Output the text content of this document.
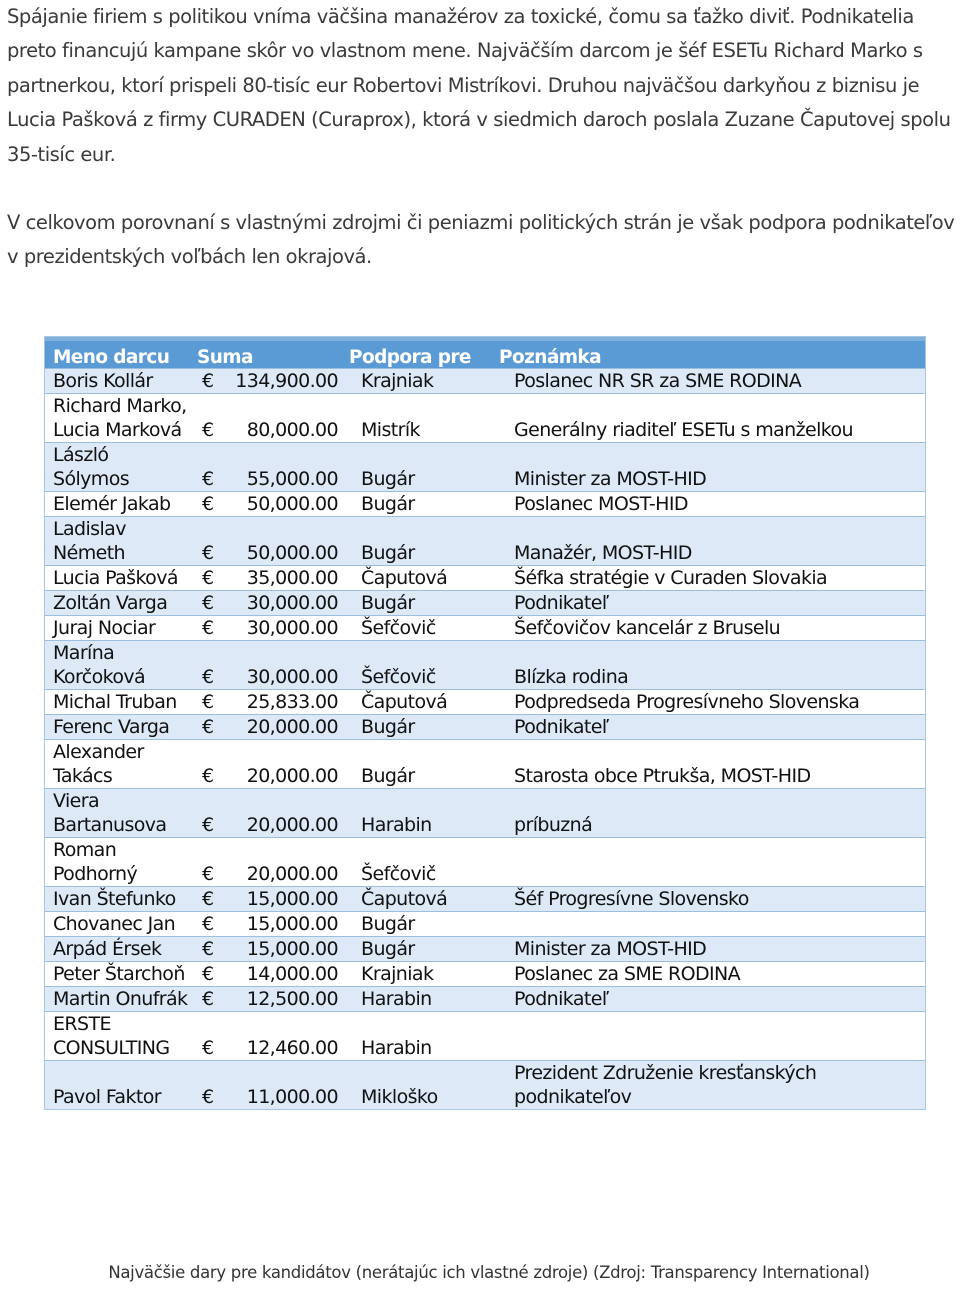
Spájanie firiem s politikou vníma väčšina manažérov za toxické, čomu sa ťažko diviť. Podnikatelia preto financujú kampane skôr vo vlastnom mene. Najväčším darcom je šéf ESETu Richard Marko s partnerkou, ktorí prispeli 80-tisíc eur Robertovi Mistríkovi. Druhou najväčšou darkyňou z biznisu je Lucia Pašková z firmy CURADEN (Curaprox), ktorá v siedmich daroch poslala Zuzane Čaputovej spolu 35-tisíc eur.

V celkovom porovnaní s vlastnými zdrojmi či peniazmi politických strán je však podpora podnikateľov v prezidentských voľbách len okrajová.

Meno darcu	Suma		Podpora pre	Poznámka
Boris Kollár	€	134,900.00	Krajniak	Poslanec NR SR za SME RODINA
Richard Marko, Lucia Marková	€	80,000.00	Mistrík	Generálny riaditeľ ESETu s manželkou
László Sólymos	€	55,000.00	Bugár	Minister za MOST-HID
Elemér Jakab	€	50,000.00	Bugár	Poslanec MOST-HID
Ladislav Németh	€	50,000.00	Bugár	Manažér, MOST-HID
Lucia Pašková	€	35,000.00	Čaputová	Šéfka stratégie v Curaden Slovakia
Zoltán Varga	€	30,000.00	Bugár	Podnikateľ
Juraj Nociar	€	30,000.00	Šefčovič	Šefčovičov kancelár z Bruselu
Marína Korčoková	€	30,000.00	Šefčovič	Blízka rodina
Michal Truban	€	25,833.00	Čaputová	Podpredseda Progresívneho Slovenska
Ferenc Varga	€	20,000.00	Bugár	Podnikateľ
Alexander Takács	€	20,000.00	Bugár	Starosta obce Ptrukša, MOST-HID
Viera Bartanusova	€	20,000.00	Harabin	príbuzná
Roman Podhorný	€	20,000.00	Šefčovič	
Ivan Štefunko	€	15,000.00	Čaputová	Šéf Progresívne Slovensko
Chovanec Jan	€	15,000.00	Bugár	
Arpád Érsek	€	15,000.00	Bugár	Minister za MOST-HID
Peter Štarchoň	€	14,000.00	Krajniak	Poslanec za SME RODINA
Martin Onufrák	€	12,500.00	Harabin	Podnikateľ
ERSTE CONSULTING	€	12,460.00	Harabin	
Pavol Faktor	€	11,000.00	Mikloško	Prezident Združenie kresťanských podnikateľov
Najväčšie dary pre kandidátov (nerátajúc ich vlastné zdroje) (Zdroj: Transparency International)
